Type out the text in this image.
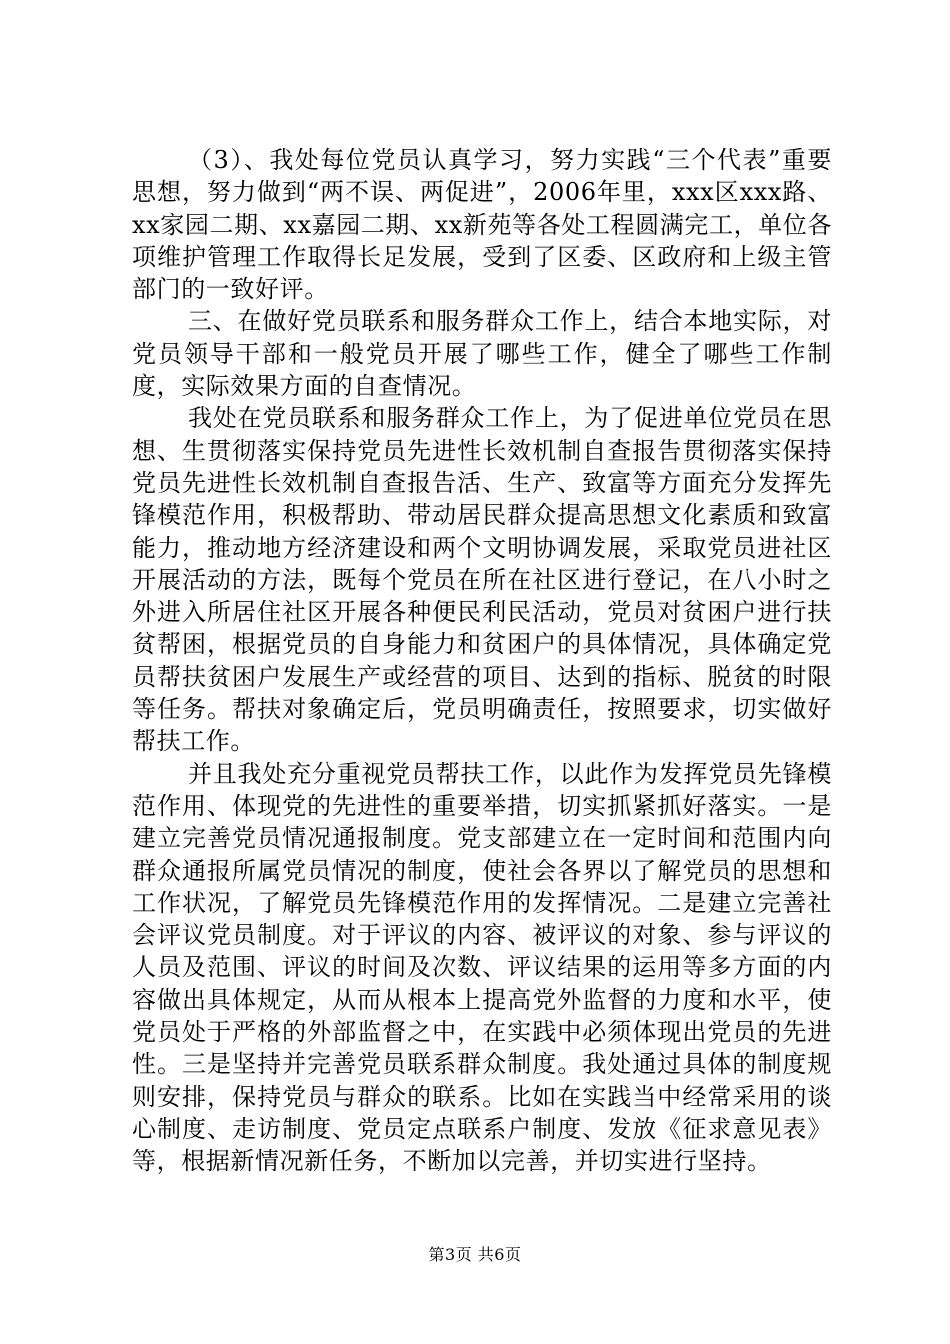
（3）、我处每位党员认真学习，努力实践“三个代表”重要思想，努力做到“两不误、两促进”，2006年里，xxx区xxx路、xx家园二期、xx嘉园二期、xx新苑等各处工程圆满完工，单位各项维护管理工作取得长足发展，受到了区委、区政府和上级主管部门的一致好评。

三、在做好党员联系和服务群众工作上，结合本地实际，对党员领导干部和一般党员开展了哪些工作，健全了哪些工作制度，实际效果方面的自查情况。

我处在党员联系和服务群众工作上，为了促进单位党员在思想、生贯彻落实保持党员先进性长效机制自查报告贯彻落实保持党员先进性长效机制自查报告活、生产、致富等方面充分发挥先锋模范作用，积极帮助、带动居民群众提高思想文化素质和致富能力，推动地方经济建设和两个文明协调发展，采取党员进社区开展活动的方法，既每个党员在所在社区进行登记，在八小时之外进入所居住社区开展各种便民利民活动，党员对贫困户进行扶贫帮困，根据党员的自身能力和贫困户的具体情况，具体确定党员帮扶贫困户发展生产或经营的项目、达到的指标、脱贫的时限等任务。帮扶对象确定后，党员明确责任，按照要求，切实做好帮扶工作。

并且我处充分重视党员帮扶工作，以此作为发挥党员先锋模范作用、体现党的先进性的重要举措，切实抓紧抓好落实。一是建立完善党员情况通报制度。党支部建立在一定时间和范围内向群众通报所属党员情况的制度，使社会各界以了解党员的思想和工作状况，了解党员先锋模范作用的发挥情况。二是建立完善社会评议党员制度。对于评议的内容、被评议的对象、参与评议的人员及范围、评议的时间及次数、评议结果的运用等多方面的内容做出具体规定，从而从根本上提高党外监督的力度和水平，使党员处于严格的外部监督之中，在实践中必须体现出党员的先进性。三是坚持并完善党员联系群众制度。我处通过具体的制度规则安排，保持党员与群众的联系。比如在实践当中经常采用的谈心制度、走访制度、党员定点联系户制度、发放《征求意见表》等，根据新情况新任务，不断加以完善，并切实进行坚持。

第3页 共6页
